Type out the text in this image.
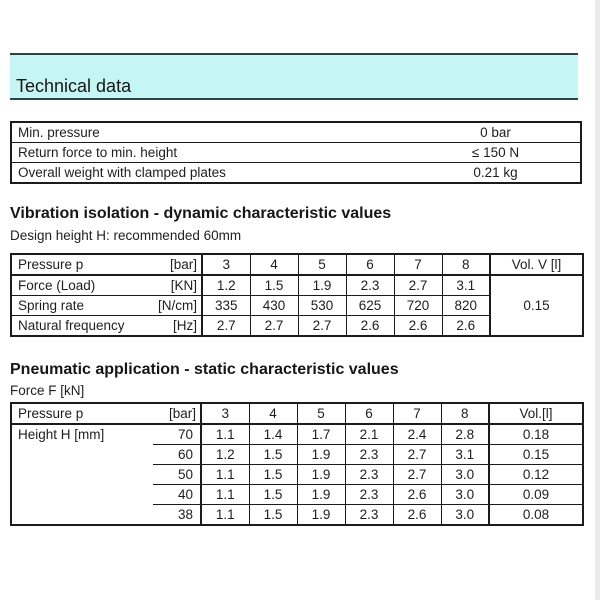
Technical data
Min. pressure	0 bar
Return force to min. height	≤ 150 N
Overall weight with clamped plates	0.21 kg
Vibration isolation - dynamic characteristic values
Design height H: recommended 60mm
Pressure p	[bar]	3	4	5	6	7	8	Vol. V [l]
Force (Load)	[KN]	1.2	1.5	1.9	2.3	2.7	3.1	0.15
Spring rate	[N/cm]	335	430	530	625	720	820	
Natural frequency	[Hz]	2.7	2.7	2.7	2.6	2.6	2.6	
Pneumatic application - static characteristic values
Force F [kN]
Pressure p	[bar]	3	4	5	6	7	8	Vol.[l]
Height H [mm]	70	1.1	1.4	1.7	2.1	2.4	2.8	0.18
	60	1.2	1.5	1.9	2.3	2.7	3.1	0.15
	50	1.1	1.5	1.9	2.3	2.7	3.0	0.12
	40	1.1	1.5	1.9	2.3	2.6	3.0	0.09
	38	1.1	1.5	1.9	2.3	2.6	3.0	0.08
